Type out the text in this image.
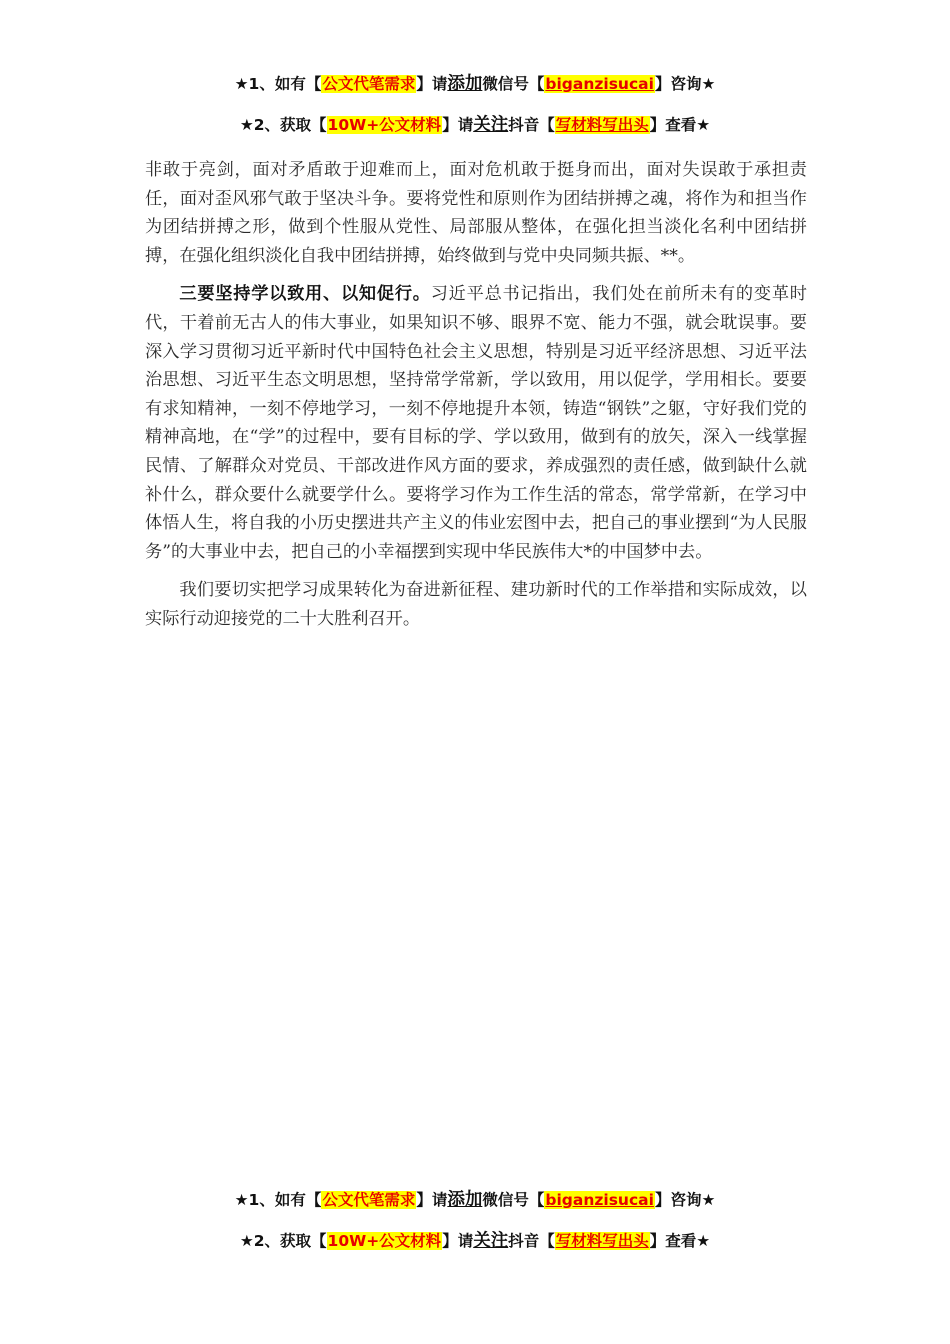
★1、如有【公文代笔需求】请添加微信号【biganzisucai】咨询★
★2、获取【10W+公文材料】请关注抖音【写材料写出头】查看★

非敢于亮剑，面对矛盾敢于迎难而上，面对危机敢于挺身而出，面对失误敢于承担责任，面对歪风邪气敢于坚决斗争。要将党性和原则作为团结拼搏之魂，将作为和担当作为团结拼搏之形，做到个性服从党性、局部服从整体，在强化担当淡化名利中团结拼搏，在强化组织淡化自我中团结拼搏，始终做到与党中央同频共振、**。

三要坚持学以致用、以知促行。习近平总书记指出，我们处在前所未有的变革时代，干着前无古人的伟大事业，如果知识不够、眼界不宽、能力不强，就会耽误事。要深入学习贯彻习近平新时代中国特色社会主义思想，特别是习近平经济思想、习近平法治思想、习近平生态文明思想，坚持常学常新，学以致用，用以促学，学用相长。要要有求知精神，一刻不停地学习，一刻不停地提升本领，铸造“钢铁”之躯，守好我们党的精神高地，在“学”的过程中，要有目标的学、学以致用，做到有的放矢，深入一线掌握民情、了解群众对党员、干部改进作风方面的要求，养成强烈的责任感，做到缺什么就补什么，群众要什么就要学什么。要将学习作为工作生活的常态，常学常新，在学习中体悟人生，将自我的小历史摆进共产主义的伟业宏图中去，把自己的事业摆到“为人民服务”的大事业中去，把自己的小幸福摆到实现中华民族伟大*的中国梦中去。

我们要切实把学习成果转化为奋进新征程、建功新时代的工作举措和实际成效，以实际行动迎接党的二十大胜利召开。

★1、如有【公文代笔需求】请添加微信号【biganzisucai】咨询★
★2、获取【10W+公文材料】请关注抖音【写材料写出头】查看★
